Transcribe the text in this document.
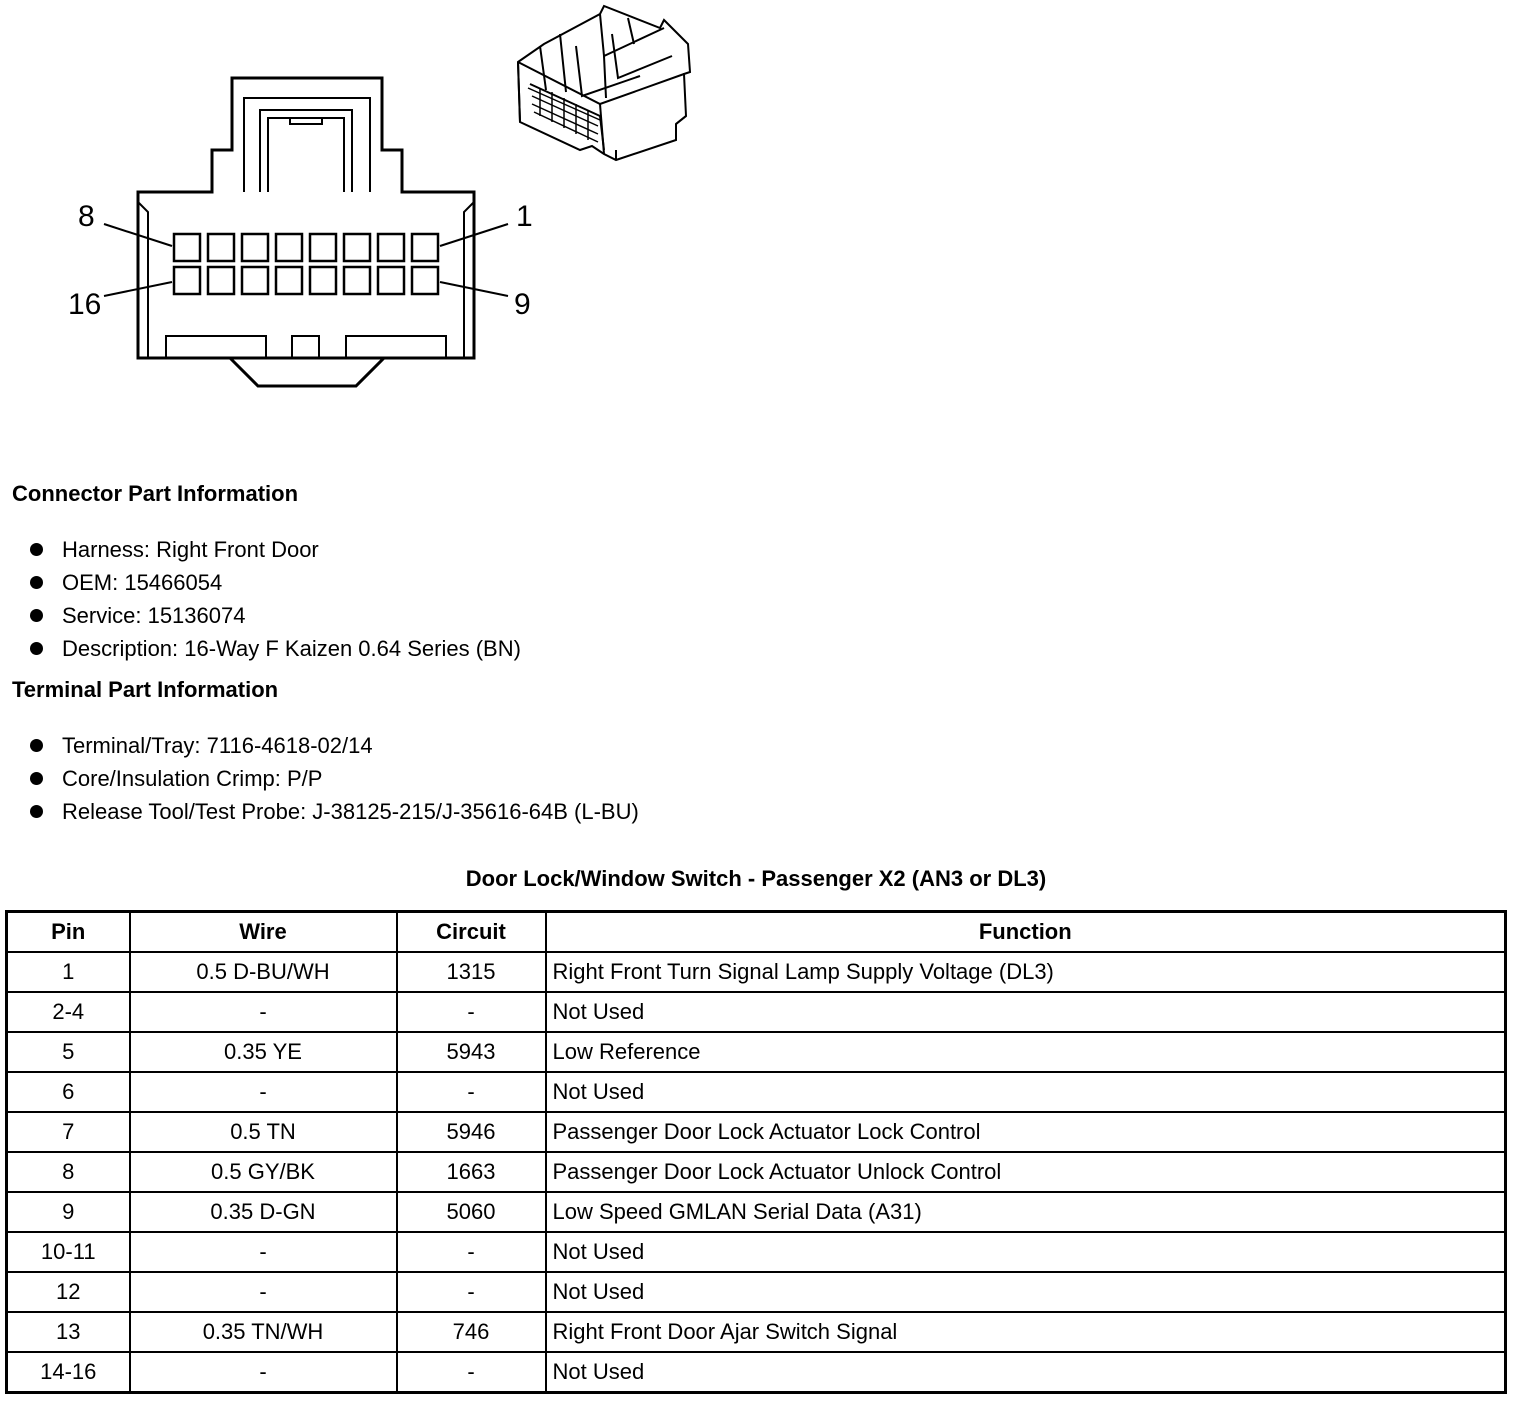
8	1
16	9
Connector Part Information
Harness: Right Front Door
OEM: 15466054
Service: 15136074
Description: 16-Way F Kaizen 0.64 Series (BN)
Terminal Part Information
Terminal/Tray: 7116-4618-02/14
Core/Insulation Crimp: P/P
Release Tool/Test Probe: J-38125-215/J-35616-64B (L-BU)
Door Lock/Window Switch - Passenger X2 (AN3 or DL3)
Pin	Wire	Circuit	Function
1	0.5 D-BU/WH	1315	Right Front Turn Signal Lamp Supply Voltage (DL3)
2-4	-	-	Not Used
5	0.35 YE	5943	Low Reference
6	-	-	Not Used
7	0.5 TN	5946	Passenger Door Lock Actuator Lock Control
8	0.5 GY/BK	1663	Passenger Door Lock Actuator Unlock Control
9	0.35 D-GN	5060	Low Speed GMLAN Serial Data (A31)
10-11	-	-	Not Used
12	-	-	Not Used
13	0.35 TN/WH	746	Right Front Door Ajar Switch Signal
14-16	-	-	Not Used
